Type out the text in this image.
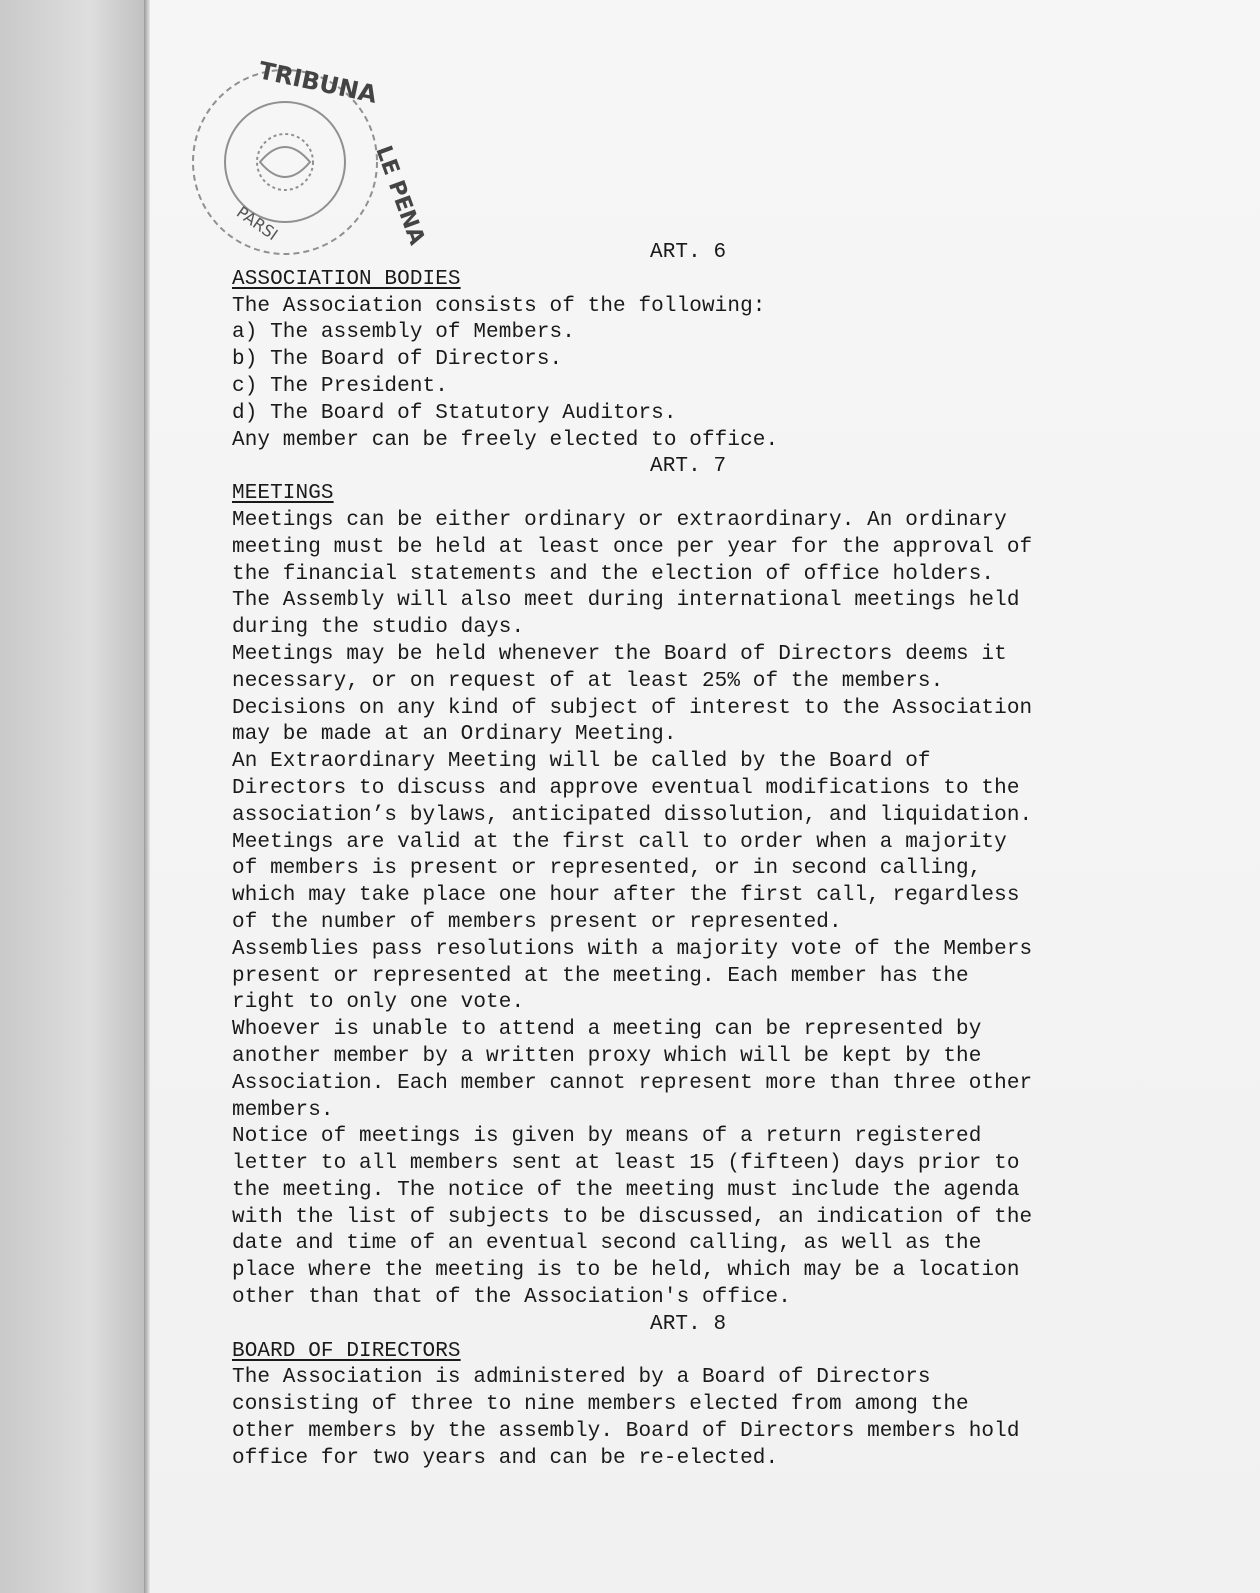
TRIBUNA
LE PENA
PARSI
ART. 6
ASSOCIATION BODIES
The Association consists of the following:
a) The assembly of Members.
b) The Board of Directors.
c) The President.
d) The Board of Statutory Auditors.
Any member can be freely elected to office.
ART. 7
MEETINGS
Meetings can be either ordinary or extraordinary. An ordinary
meeting must be held at least once per year for the approval of
the financial statements and the election of office holders.
The Assembly will also meet during international meetings held
during the studio days.
Meetings may be held whenever the Board of Directors deems it
necessary, or on request of at least 25% of the members.
Decisions on any kind of subject of interest to the Association
may be made at an Ordinary Meeting.
An Extraordinary Meeting will be called by the Board of
Directors to discuss and approve eventual modifications to the
association’s bylaws, anticipated dissolution, and liquidation.
Meetings are valid at the first call to order when a majority
of members is present or represented, or in second calling,
which may take place one hour after the first call, regardless
of the number of members present or represented.
Assemblies pass resolutions with a majority vote of the Members
present or represented at the meeting. Each member has the
right to only one vote.
Whoever is unable to attend a meeting can be represented by
another member by a written proxy which will be kept by the
Association. Each member cannot represent more than three other
members.
Notice of meetings is given by means of a return registered
letter to all members sent at least 15 (fifteen) days prior to
the meeting. The notice of the meeting must include the agenda
with the list of subjects to be discussed, an indication of the
date and time of an eventual second calling, as well as the
place where the meeting is to be held, which may be a location
other than that of the Association's office.
ART. 8
BOARD OF DIRECTORS
The Association is administered by a Board of Directors
consisting of three to nine members elected from among the
other members by the assembly. Board of Directors members hold
office for two years and can be re-elected.
